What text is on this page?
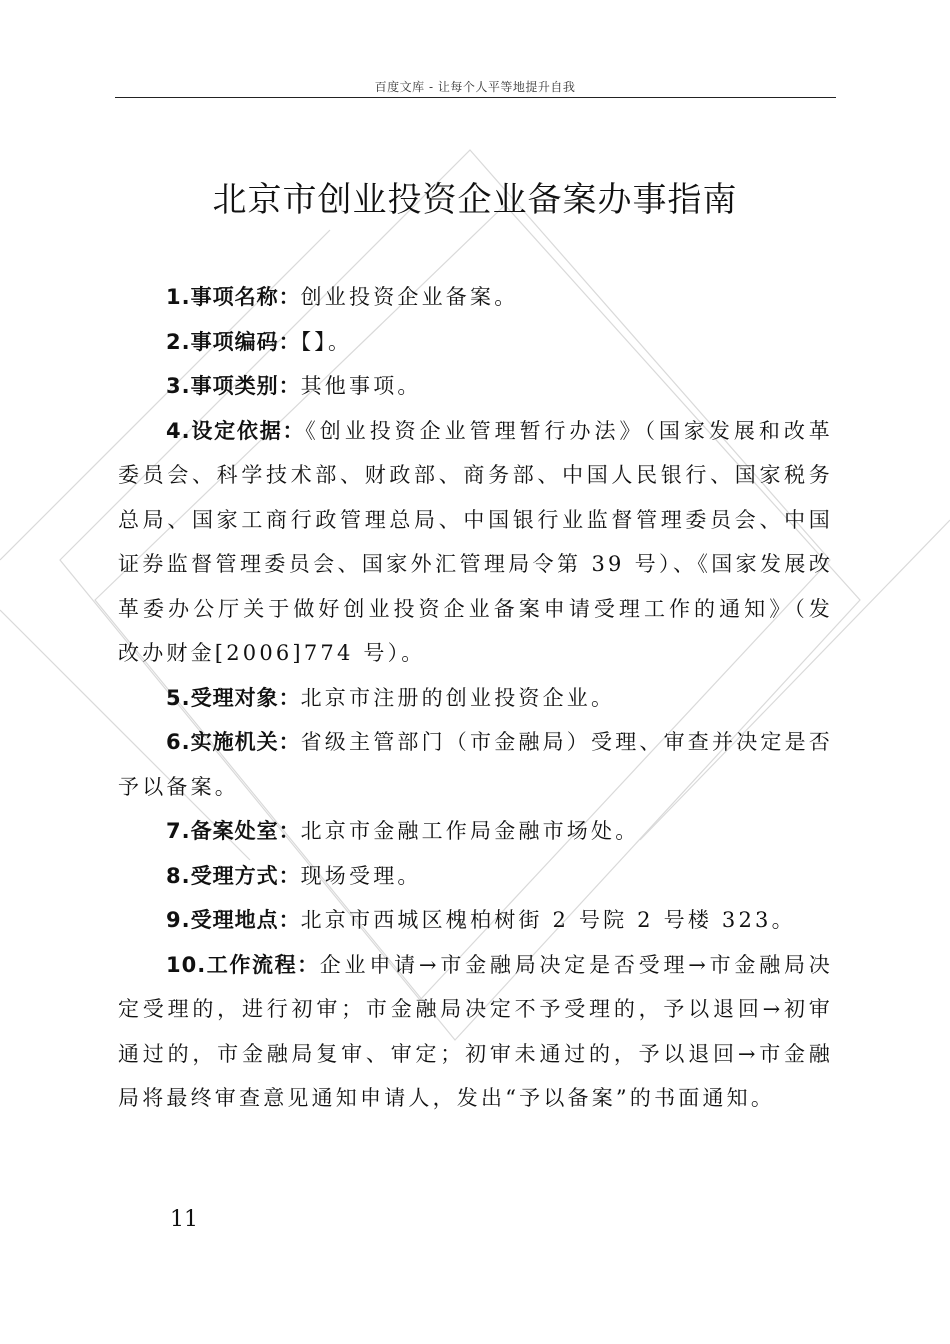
百度文库 - 让每个人平等地提升自我
北京市创业投资企业备案办事指南

1.事项名称：创业投资企业备案。

2.事项编码：【】。

3.事项类别：其他事项。

4.设定依据：《创业投资企业管理暂行办法》（国家发展和改革委员会、科学技术部、财政部、商务部、中国人民银行、国家税务总局、国家工商行政管理总局、中国银行业监督管理委员会、中国证券监督管理委员会、国家外汇管理局令第 39 号）、《国家发展改革委办公厅关于做好创业投资企业备案申请受理工作的通知》（发改办财金[2006]774 号）。

5.受理对象：北京市注册的创业投资企业。

6.实施机关：省级主管部门（市金融局）受理、审查并决定是否予以备案。

7.备案处室：北京市金融工作局金融市场处。

8.受理方式：现场受理。

9.受理地点：北京市西城区槐柏树街 2 号院 2 号楼 323。

10.工作流程：企业申请→市金融局决定是否受理→市金融局决定受理的，进行初审；市金融局决定不予受理的，予以退回→初审通过的，市金融局复审、审定；初审未通过的，予以退回→市金融局将最终审查意见通知申请人，发出“予以备案”的书面通知。

11
